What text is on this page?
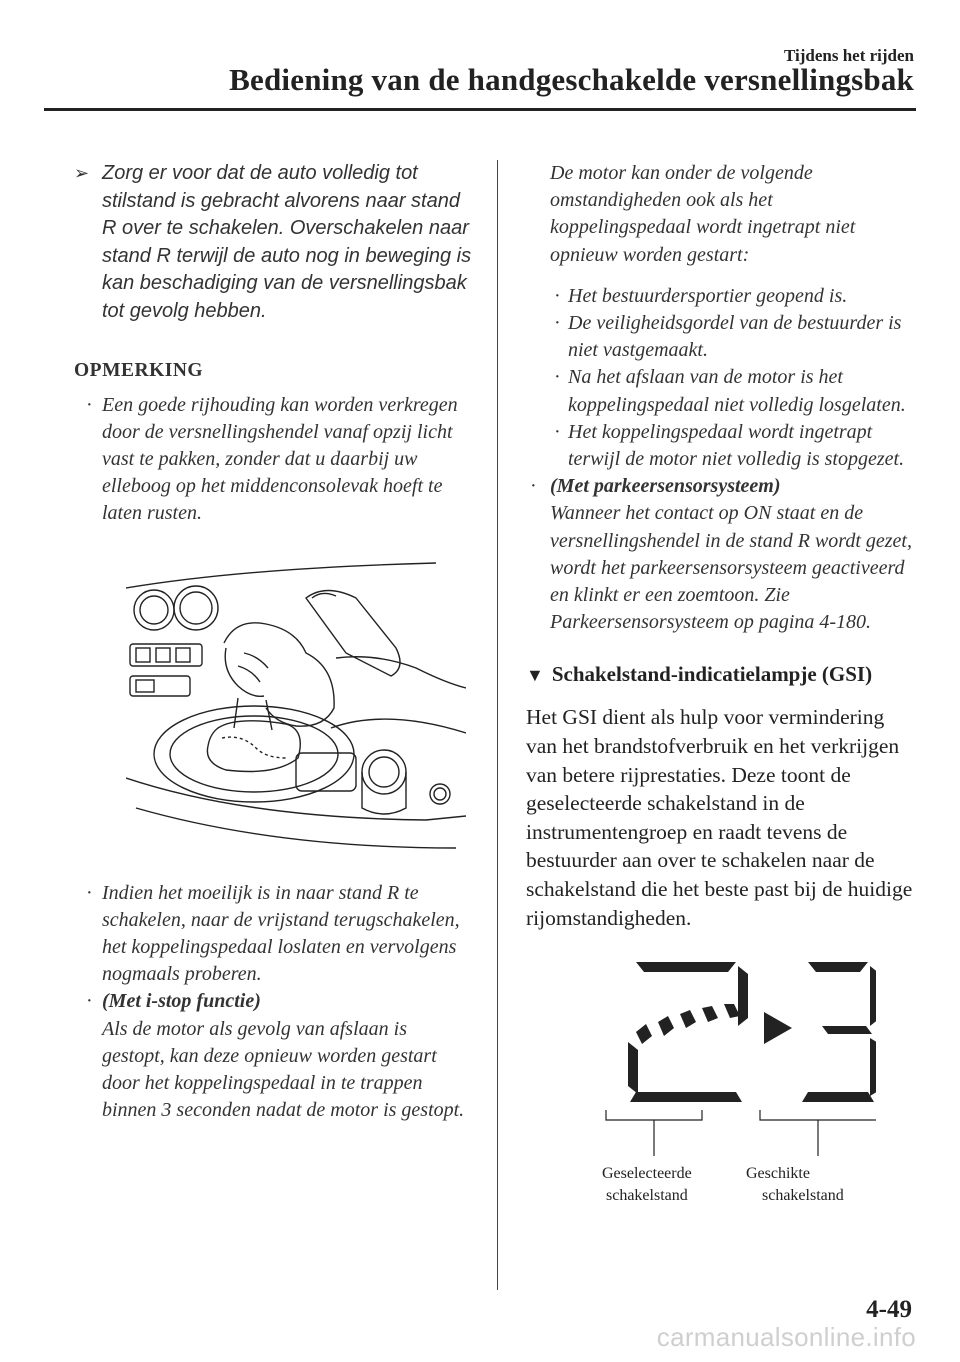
Tijdens het rijden
Bediening van de handgeschakelde versnellingsbak
➢ Zorg er voor dat de auto volledig tot stilstand is gebracht alvorens naar stand R over te schakelen. Overschakelen naar stand R terwijl de auto nog in beweging is kan beschadiging van de versnellingsbak tot gevolg hebben.
OPMERKING
· Een goede rijhouding kan worden verkregen door de versnellingshendel vanaf opzij licht vast te pakken, zonder dat u daarbij uw elleboog op het middenconsolevak hoeft te laten rusten.
· Indien het moeilijk is in naar stand R te schakelen, naar de vrijstand terugschakelen, het koppelingspedaal loslaten en vervolgens nogmaals proberen.
· (Met i-stop functie)
Als de motor als gevolg van afslaan is gestopt, kan deze opnieuw worden gestart door het koppelingspedaal in te trappen binnen 3 seconden nadat de motor is gestopt.
De motor kan onder de volgende omstandigheden ook als het koppelingspedaal wordt ingetrapt niet opnieuw worden gestart:
· Het bestuurdersportier geopend is.
· De veiligheidsgordel van de bestuurder is niet vastgemaakt.
· Na het afslaan van de motor is het koppelingspedaal niet volledig losgelaten.
· Het koppelingspedaal wordt ingetrapt terwijl de motor niet volledig is stopgezet.
· (Met parkeersensorsysteem)
Wanneer het contact op ON staat en de versnellingshendel in de stand R wordt gezet, wordt het parkeersensorsysteem geactiveerd en klinkt er een zoemtoon. Zie Parkeersensorsysteem op pagina 4-180.
▼ Schakelstand-indicatielampje (GSI)
Het GSI dient als hulp voor vermindering van het brandstofverbruik en het verkrijgen van betere rijprestaties. Deze toont de geselecteerde schakelstand in de instrumentengroep en raadt tevens de bestuurder aan over te schakelen naar de schakelstand die het beste past bij de huidige rijomstandigheden.
Geselecteerde
schakelstand
Geschikte
schakelstand
4-49
carmanualsonline.info
